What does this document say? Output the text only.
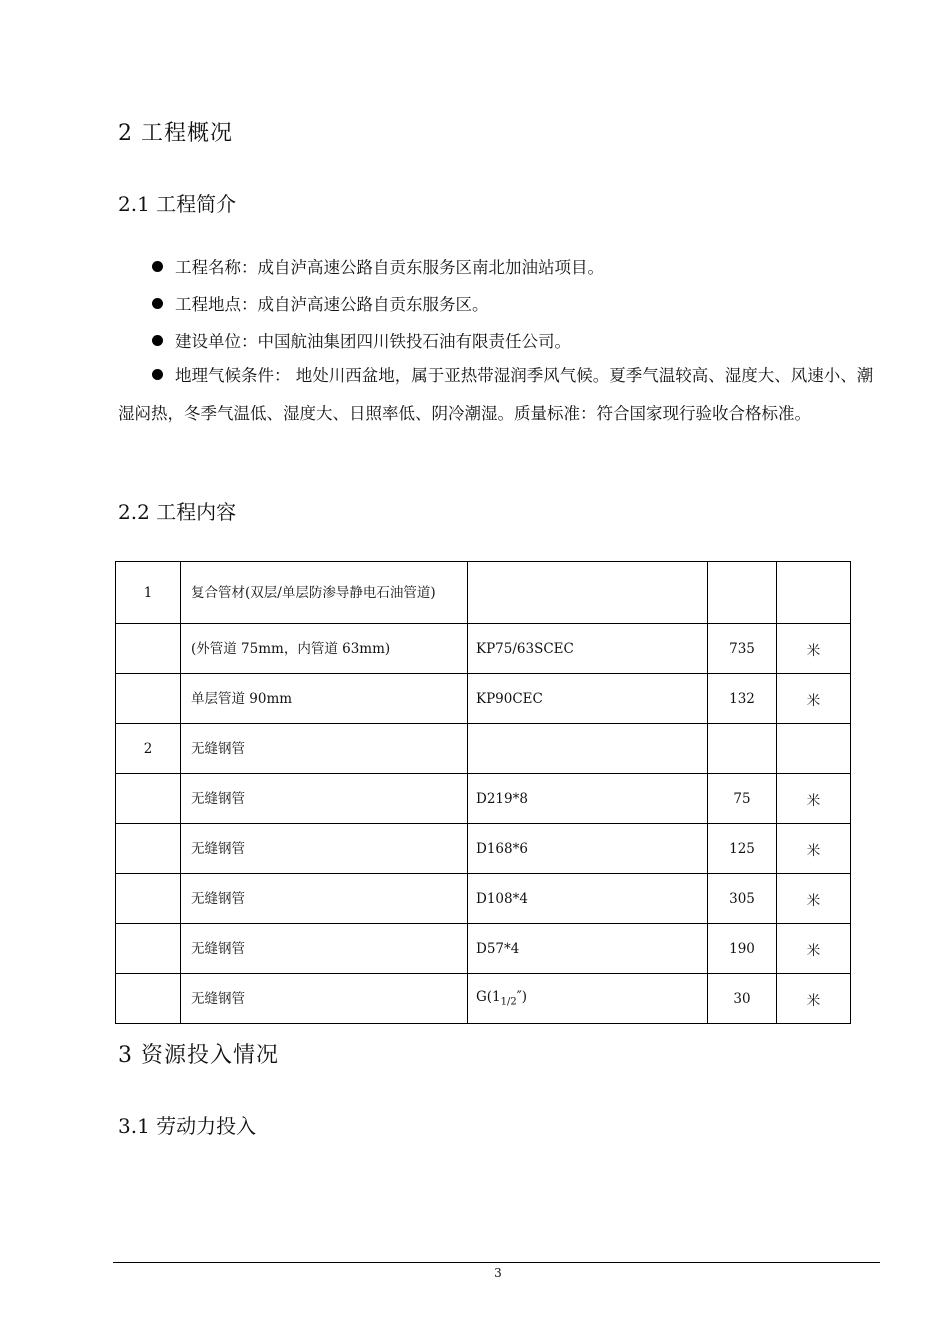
2 工程概况
2.1 工程简介
工程名称：成自泸高速公路自贡东服务区南北加油站项目。
工程地点：成自泸高速公路自贡东服务区。
建设单位：中国航油集团四川铁投石油有限责任公司。
地理气候条件： 地处川西盆地，属于亚热带湿润季风气候。夏季气温较高、湿度大、风速小、潮湿闷热，冬季气温低、湿度大、日照率低、阴冷潮湿。质量标准：符合国家现行验收合格标准。
2.2 工程内容
1	复合管材(双层/单层防渗导静电石油管道)			
	(外管道 75mm，内管道 63mm)	KP75/63SCEC	735	米
	单层管道 90mm	KP90CEC	132	米
2	无缝钢管			
	无缝钢管	D219*8	75	米
	无缝钢管	D168*6	125	米
	无缝钢管	D108*4	305	米
	无缝钢管	D57*4	190	米
	无缝钢管	$G(1_{1/2}'')$	30	米
3 资源投入情况
3.1 劳动力投入
3
